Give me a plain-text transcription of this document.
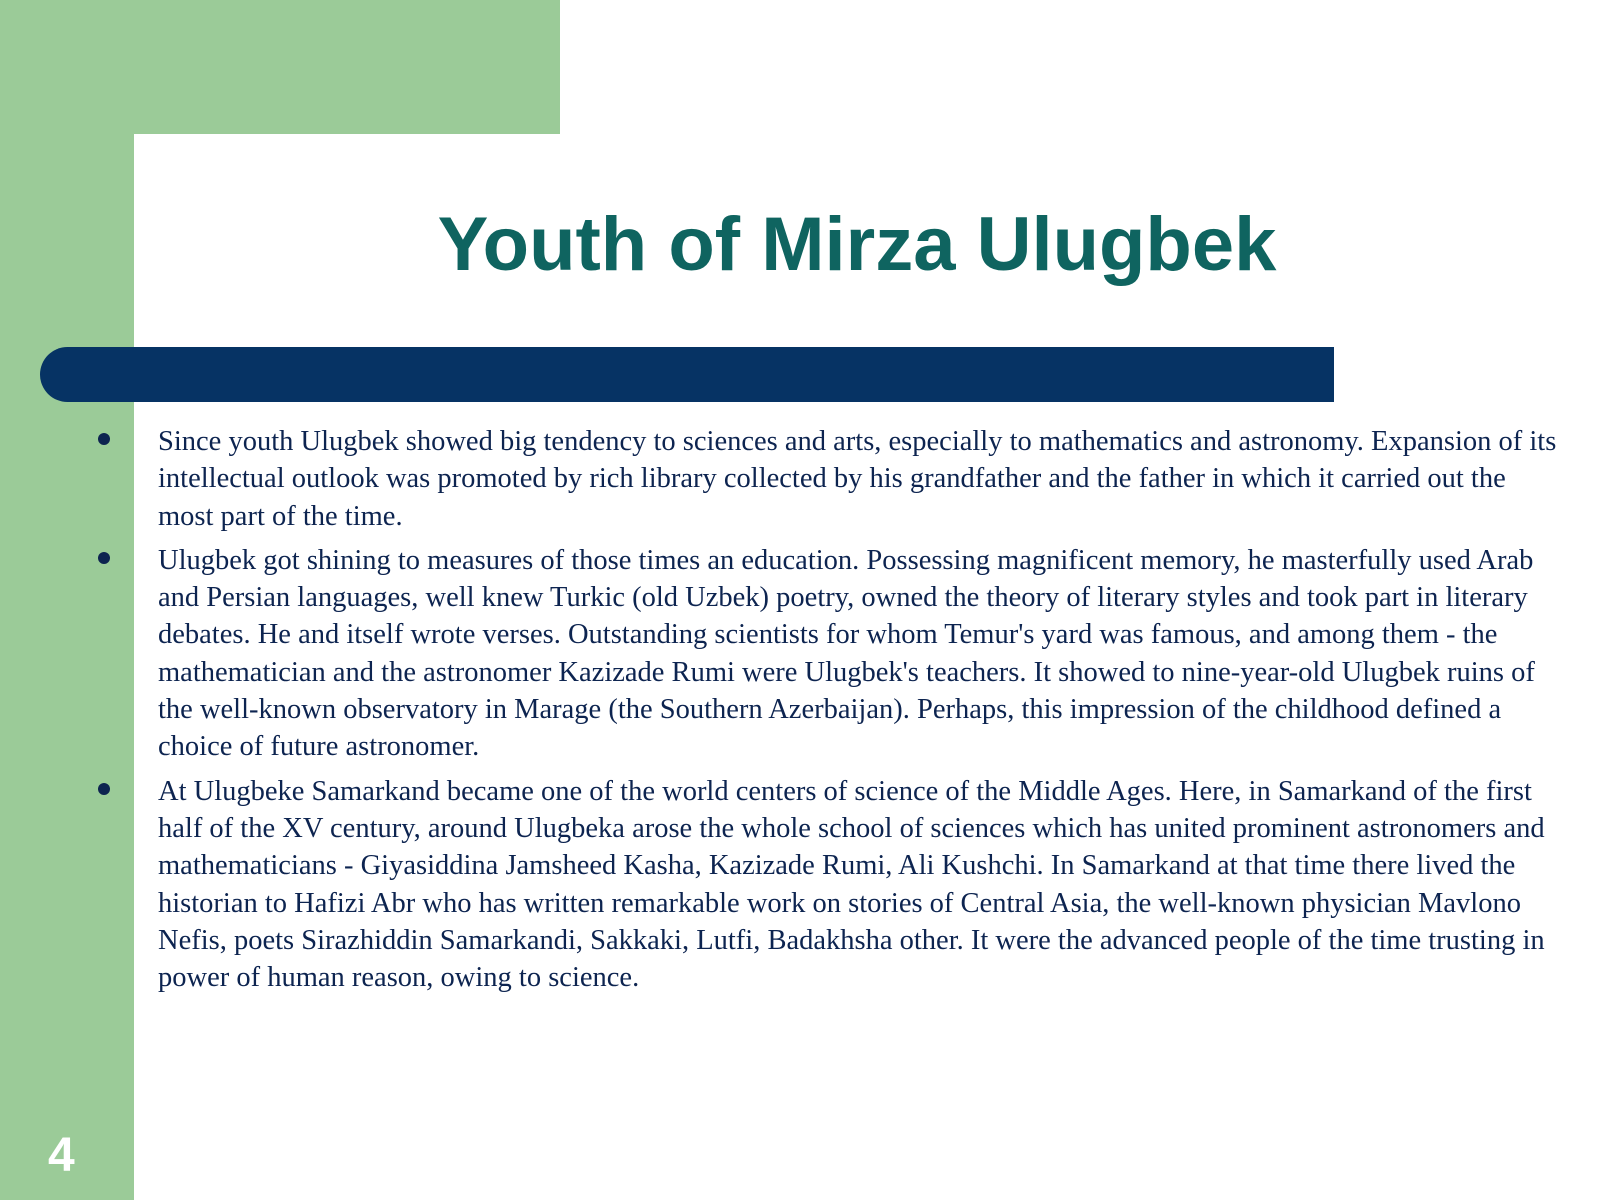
Youth of Mirza Ulugbek
Since youth Ulugbek showed big tendency to sciences and arts, especially to mathematics and astronomy. Expansion of its intellectual outlook was promoted by rich library collected by his grandfather and the father in which it carried out the most part of the time.
Ulugbek got shining to measures of those times an education. Possessing magnificent memory, he masterfully used Arab and Persian languages, well knew Turkic (old Uzbek) poetry, owned the theory of literary styles and took part in literary debates. He and itself wrote verses. Outstanding scientists for whom Temur's yard was famous, and among them - the mathematician and the astronomer Kazizade Rumi were Ulugbek's teachers. It showed to nine-year-old Ulugbek ruins of the well-known observatory in Marage (the Southern Azerbaijan). Perhaps, this impression of the childhood defined a choice of future astronomer.
At Ulugbeke Samarkand became one of the world centers of science of the Middle Ages. Here, in Samarkand of the first half of the XV century, around Ulugbeka arose the whole school of sciences which has united prominent astronomers and mathematicians - Giyasiddina Jamsheed Kasha, Kazizade Rumi, Ali Kushchi. In Samarkand at that time there lived the historian to Hafizi Abr who has written remarkable work on stories of Central Asia, the well-known physician Mavlono Nefis, poets Sirazhiddin Samarkandi, Sakkaki, Lutfi, Badakhsha other. It were the advanced people of the time trusting in power of human reason, owing to science.
4
